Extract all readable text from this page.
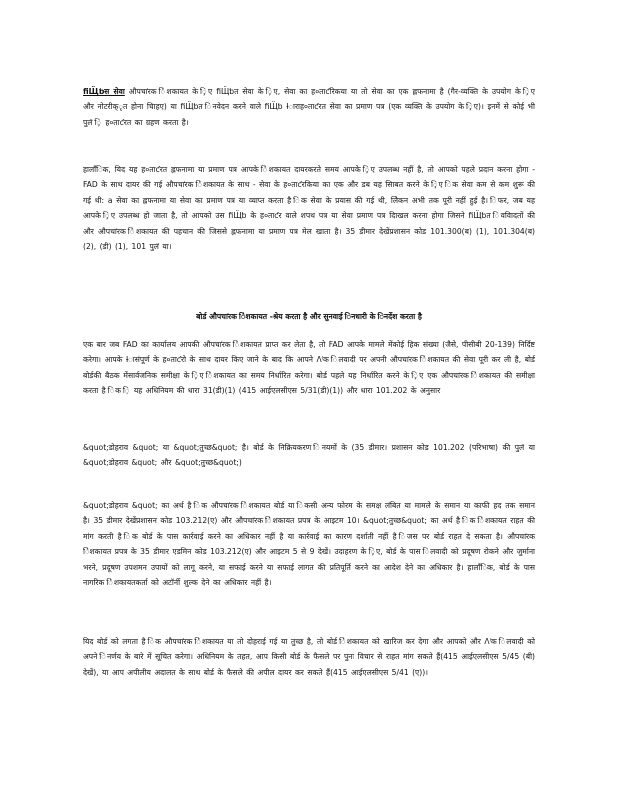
ﬁЩ̈ƅस सेवा औपचा̍रक ि̾शकायत के ि̡ए ﬁЩ̈ƅत सेवा के ि̡ए, सेवा का ह०ताƈरिकया या तो सेवा का एक ह्लफनामा है (गैर-व्यक्ति के उपयोग के ि̡ए और नोटरीक्ृत होना चािहए) या ﬁЩ̈ƅत िनवेदन करने वाले ﬁЩ̈ƅ Ɨाराह०ताƈरत सेवा का प्रमाण पत्र (एक व्यक्ति के उपयोग के ि̡ए)। इनमें से कोई भी पुल̈ ि̡ ह०ताƈरत का ग्रहण करता है।

हालाँिक, यिद यह ह०ताƈरत ह्लफनामा या प्रमाण पत्र आपके ि̾शकायत दायरकरते समय आपके ि̡ए उपलब्ध नहीं है, तो आपको पहले प्रदान करना होगा - FAD के साथ दायर की गई औपचा̍रक ि̾शकायत के साथ - सेवा के ह०ताƈरकिया का एक और डब यह सािबत करने के ि̡ए िक सेवा कम से कम शुरू की गई थी: a सेवा का ह्लफनामा या सेवा का प्रमाण पत्र या व्याप्त करता है िक सेवा के प्रयास की गई थी, लेिकन अभी तक पूरी नहीं हुई है। िफर, जब यह आपके ि̡ए उपलब्ध हो जाता है, तो आपको उस ﬁЩ̈ƅ के ह०ताƈर वाले शपथ पत्र या सेवा प्रमाण पत्र दािखल करना होगा जिसने ﬁЩ̈ƅत िववािदतों की और औपचा̍रक ि̾शकायत की पहचान की जिससे ह्लफनामा या प्रमाण पत्र मेल खाता है। 35 डीमार देखेंप्रशासन कोड 101.300(ब) (1), 101.304(ब) (2), (डी) (1), 101 पुल̈ या।

बोर्ड औपचा̍रक ि̾शकायत -श्रेय करता है और सुनवाई िनधारी के िनर्देश करता है

एक बार जब FAD का कार्यालय आपकी औपचा̍रक ि̾शकायत प्राप्त कर लेता है, तो FAD आपके मामले मेंकोई हिक संख्या (जैसे, पीसीबी 20-139) निर्दिष्ट करेगा। आपके Ɨासंपूर्ण के ह०ताƈरो के साथ दायर किए जाने के बाद कि आपने Ʌˡक िलवादी पर अपनी औपचा̍रक ि̾शकायत की सेवा पूरी कर ली है, बोर्ड बोर्डकी बैठक मेंसार्वजनिक समीक्षा के ि̡ए ि̾शकायत का समय निर्धारित करेगा। बोर्ड पहले यह निर्धारित करने के ि̡ए एक औपचा̍रक ि̾शकायत की समीक्षा करता है िक ि̦ यह अधिनियम की धारा 31(डी)(1) (415 आईएलसीएस 5/31(डी)(1)) और धारा 101.202 के अनुसार

&quot;डोहराव &quot; या &quot;तुच्छ&quot; है। बोर्ड के निक्रियकरण िनयमों के (35 डीमार। प्रशासन कोड 101.202 (परिभाषा) की पुल̈ या &quot;डोहराव &quot; और &quot;तुच्छ&quot;)

&quot;डोहराव &quot; का अर्थ है िक औपचा̍रक ि̾शकायत बोर्ड या िकसी अन्य फोरम के समक्ष लंबित या मामले के समान या काफी हद तक समान है। 35 डीमार देखेंप्रशासन कोड 103.212(ए) और औपचा̍रक ि̾शकायत प्रपत्र के आइटम 10। &quot;तुच्छ&quot; का अर्थ है िक ि̾शकायत राहत की मांग करती है िक बोर्ड के पास कार्रवाई करने का अधिकार नहीं है या कार्रवाई का कारण दर्शाती नहीं है िजस पर बोर्ड राहत दे सकता है। औपचा̍रक ि̾शकायत प्रपत्र के 35 डीमार एडमिन कोड 103.212(ए) और आइटम 5 से 9 देखें। उदाहरण के ि̡ए, बोर्ड के पास िलवादी को प्रदूषण रोकने और जुर्माना भरने, प्रदूषण उपशमन उपायों को लागू करने, या सफाई करने या सफाई लागत की प्रतिपूर्ति करने का आदेश देने का अधिकार है। हालाँिक, बोर्ड के पास नागरिक ि̾शकायतकर्ता को अटॉर्नी शुल्क देने का अधिकार नहीं है।

यिद बोर्ड को लगता है िक औपचा̍रक ि̾शकायत या तो दोहराई गई या तुच्छ है, तो बोर्ड ि̾शकायत को खारिज कर देगा और आपको और Ʌˡक िलवादी को अपने िनर्णय के बारे में सूचित करेगा। अधिनियम के तहत, आप किसी बोर्ड के फैसले पर पुनः विचार से राहत मांग सकते हैं(415 आईएलसीएस 5/45 (बी) देखें), या आप अपीलीय अदालत के साथ बोर्ड के फैसले की अपील दायर कर सकते हैं(415 आईएलसीएस 5/41 (ए))।
